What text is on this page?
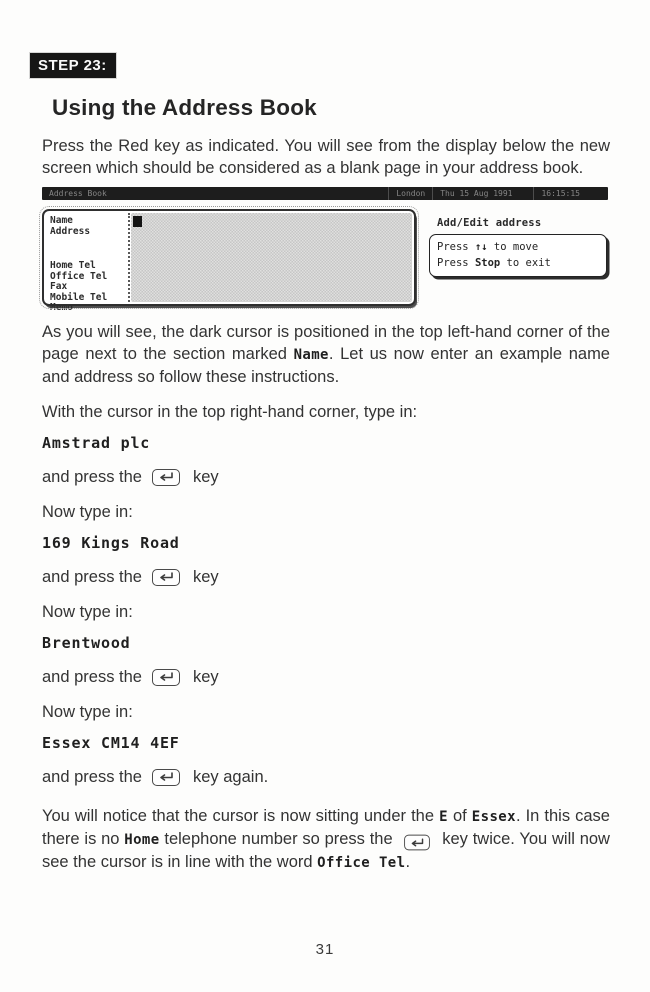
STEP 23:
Using the Address Book

Press the Red key as indicated. You will see from the display below the new screen which should be considered as a blank page in your address book.

Address Book	London	Thu 15 Aug 1991	16:15:15
Name
Address
Home Tel
Office Tel
Fax
Mobile Tel
Memo
Add/Edit address
Press ↑↓ to move
Press Stop to exit

As you will see, the dark cursor is positioned in the top left-hand corner of the page next to the section marked Name. Let us now enter an example name and address so follow these instructions.

With the cursor in the top right-hand corner, type in:

Amstrad plc

and press the	key

Now type in:

169 Kings Road

and press the	key

Now type in:

Brentwood

and press the	key

Now type in:

Essex CM14 4EF

and press the	key again.

You will notice that the cursor is now sitting under the E of Essex. In this case there is no Home telephone number so press the
key twice. You will now see the cursor is in line with the word Office Tel.

31
